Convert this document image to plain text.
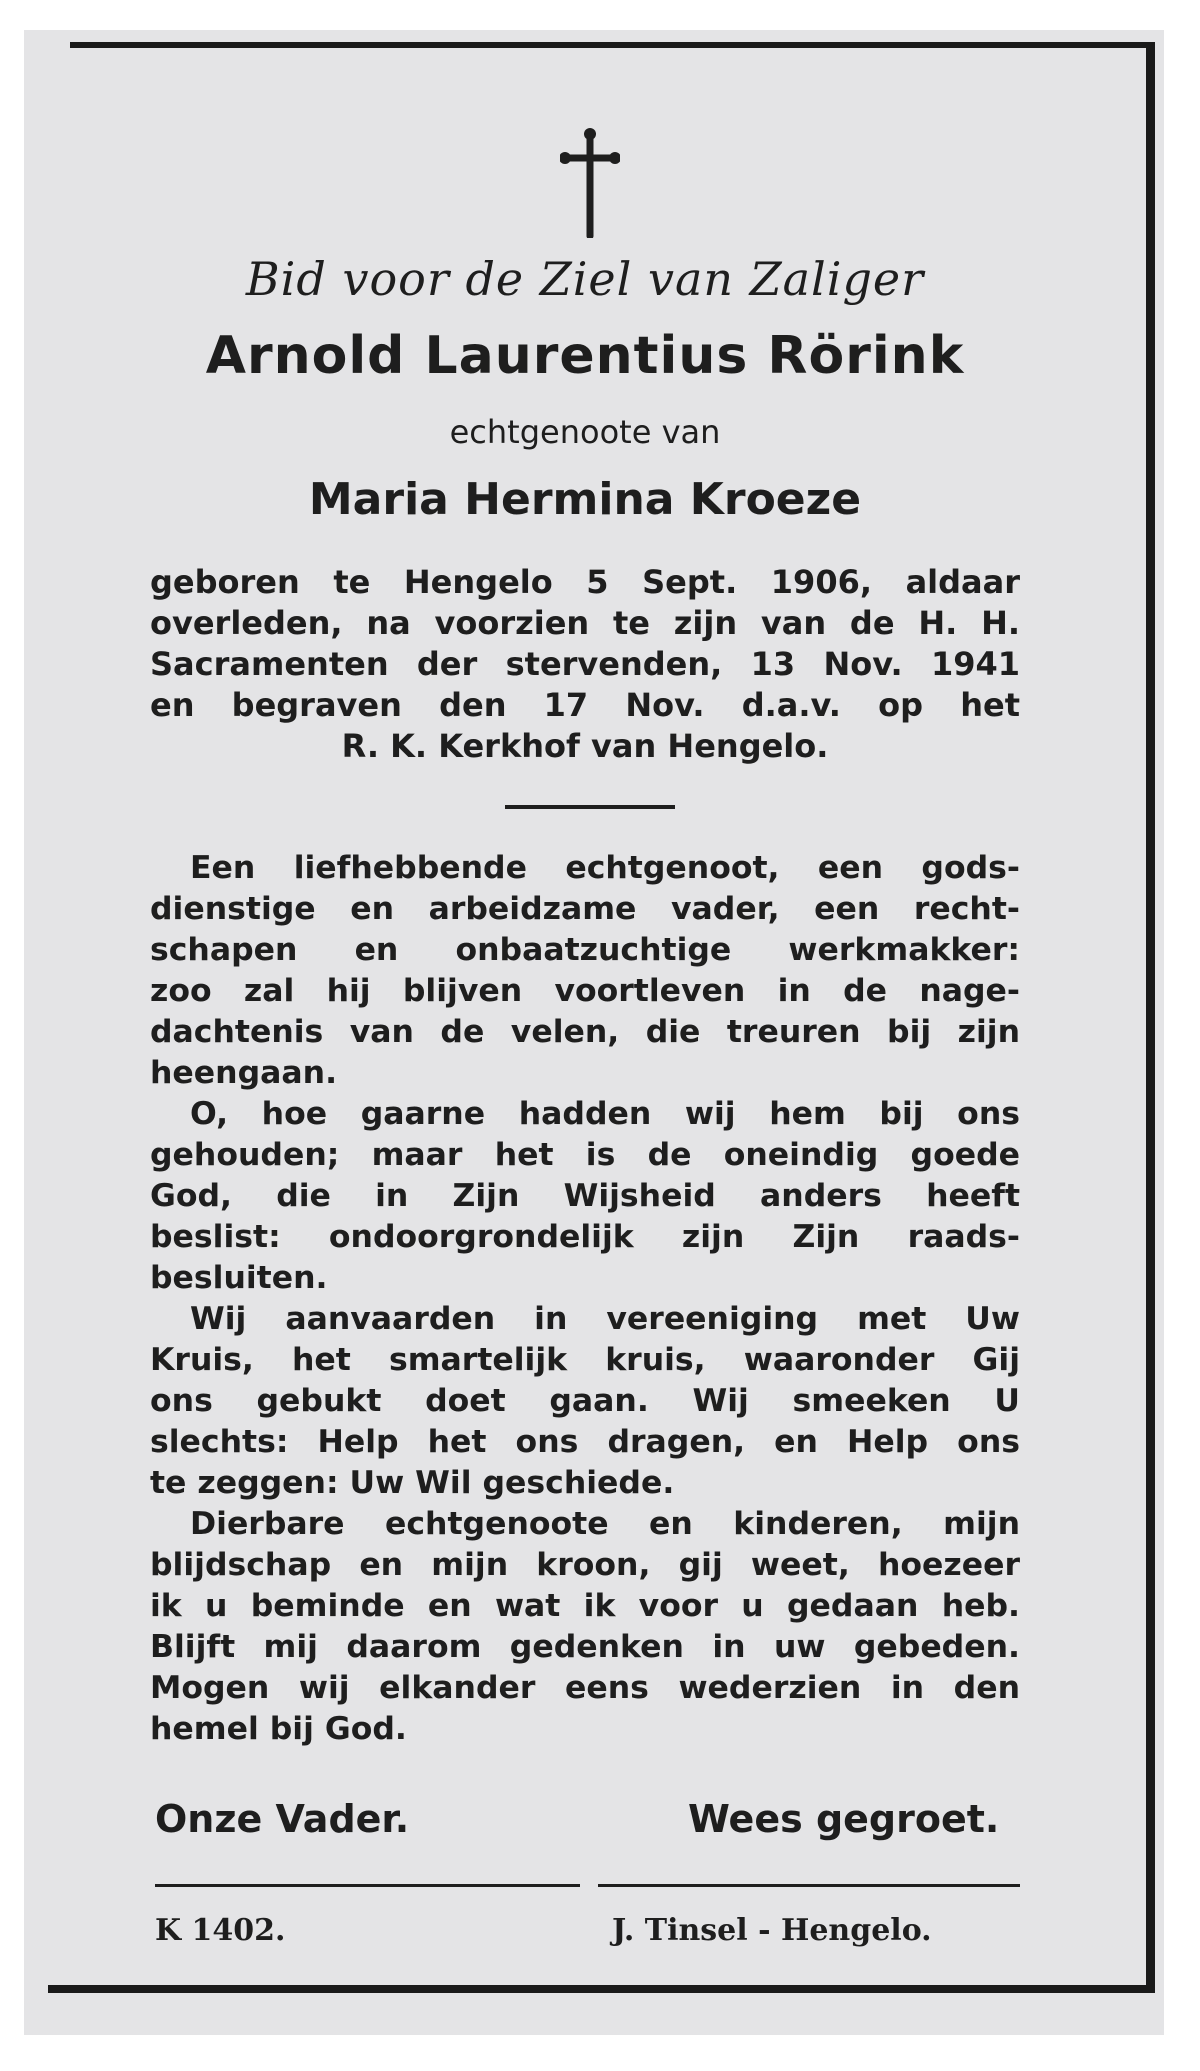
Bid voor de Ziel van Zaliger

Arnold Laurentius Rörink

echtgenoote van

Maria Hermina Kroeze

geboren te Hengelo 5 Sept. 1906, aldaar

overleden, na voorzien te zijn van de H. H.

Sacramenten der stervenden, 13 Nov. 1941

en begraven den 17 Nov. d.a.v. op het

R. K. Kerkhof van Hengelo.

Een liefhebbende echtgenoot, een gods-

dienstige en arbeidzame vader, een recht-

schapen en onbaatzuchtige werkmakker:

zoo zal hij blijven voortleven in de nage-

dachtenis van de velen, die treuren bij zijn

heengaan.

O, hoe gaarne hadden wij hem bij ons

gehouden; maar het is de oneindig goede

God, die in Zijn Wijsheid anders heeft

beslist: ondoorgrondelijk zijn Zijn raads-

besluiten.

Wij aanvaarden in vereeniging met Uw

Kruis, het smartelijk kruis, waaronder Gij

ons gebukt doet gaan. Wij smeeken U

slechts: Help het ons dragen, en Help ons

te zeggen: Uw Wil geschiede.

Dierbare echtgenoote en kinderen, mijn

blijdschap en mijn kroon, gij weet, hoezeer

ik u beminde en wat ik voor u gedaan heb.

Blijft mij daarom gedenken in uw gebeden.

Mogen wij elkander eens wederzien in den

hemel bij God.

Onze Vader.	Wees gegroet.

K 1402.	J. Tinsel - Hengelo.
